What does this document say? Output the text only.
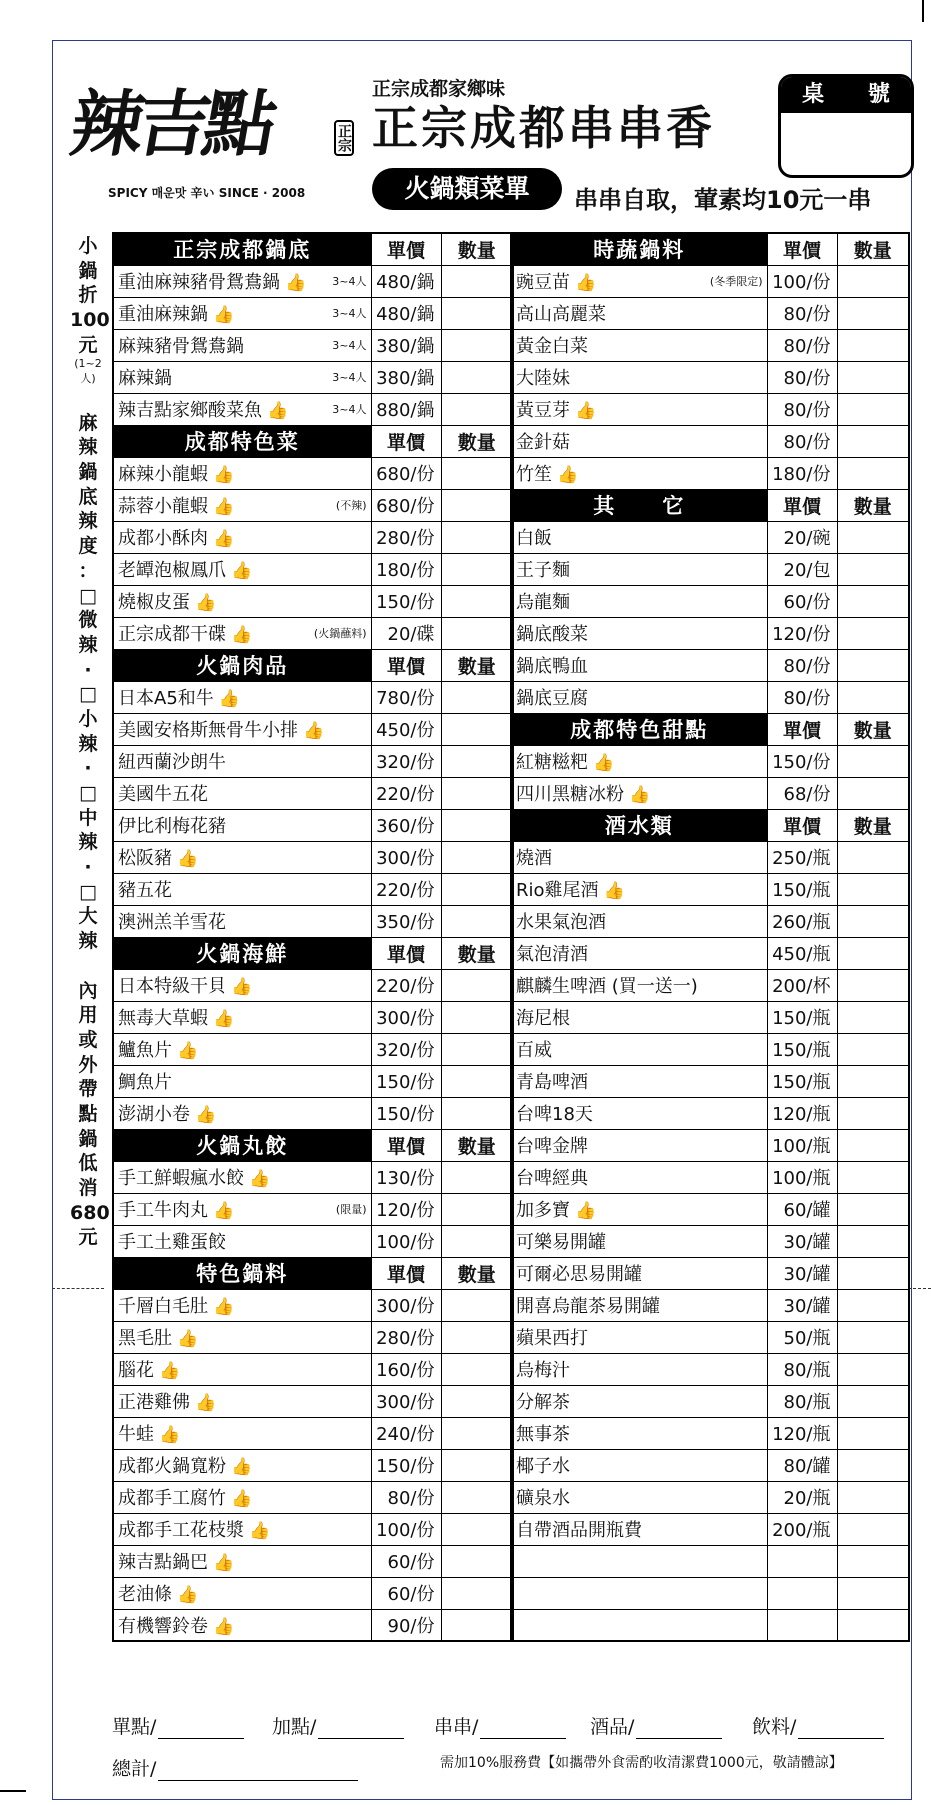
辣吉點	正宗
SPICY 매운맛 辛い SINCE · 2008
正宗成都家鄉味
正宗成都串串香
火鍋類菜單	串串自取，葷素均10元一串
桌 號
小
鍋
折
100
元
(1~2人)

麻
辣
鍋
底
辣
度
：
□
微
辣
·
□
小
辣
·
□
中
辣
·
□
大
辣

內
用
或
外
帶
點
鍋
低
消
680
元
正宗成都鍋底	單價	數量
重油麻辣豬骨鴛鴦鍋 👍 3~4人	480/鍋	
重油麻辣鍋 👍 3~4人	480/鍋	
麻辣豬骨鴛鴦鍋 3~4人	380/鍋	
麻辣鍋 3~4人	380/鍋	
辣吉點家鄉酸菜魚 👍 3~4人	880/鍋	
成都特色菜	單價	數量
麻辣小龍蝦 👍	680/份	
蒜蓉小龍蝦 👍 (不辣)	680/份	
成都小酥肉 👍	280/份	
老罈泡椒鳳爪 👍	180/份	
燒椒皮蛋 👍	150/份	
正宗成都干碟 👍 (火鍋蘸料)	20/碟	
火鍋肉品	單價	數量
日本A5和牛 👍	780/份	
美國安格斯無骨牛小排 👍	450/份	
紐西蘭沙朗牛	320/份	
美國牛五花	220/份	
伊比利梅花豬	360/份	
松阪豬 👍	300/份	
豬五花	220/份	
澳洲羔羊雪花	350/份	
火鍋海鮮	單價	數量
日本特級干貝 👍	220/份	
無毒大草蝦 👍	300/份	
鱸魚片 👍	320/份	
鯛魚片	150/份	
澎湖小卷 👍	150/份	
火鍋丸餃	單價	數量
手工鮮蝦瘋水餃 👍	130/份	
手工牛肉丸 👍 (限量)	120/份	
手工土雞蛋餃	100/份	
特色鍋料	單價	數量
千層白毛肚 👍	300/份	
黑毛肚 👍	280/份	
腦花 👍	160/份	
正港雞佛 👍	300/份	
牛蛙 👍	240/份	
成都火鍋寬粉 👍	150/份	
成都手工腐竹 👍	80/份	
成都手工花枝漿 👍	100/份	
辣吉點鍋巴 👍	60/份	
老油條 👍	60/份	
有機響鈴卷 👍	90/份	
時蔬鍋料	單價	數量
豌豆苗 👍 (冬季限定)	100/份	
高山高麗菜	80/份	
黃金白菜	80/份	
大陸妹	80/份	
黃豆芽 👍	80/份	
金針菇	80/份	
竹笙 👍	180/份	
其　　它	單價	數量
白飯	20/碗	
王子麵	20/包	
烏龍麵	60/份	
鍋底酸菜	120/份	
鍋底鴨血	80/份	
鍋底豆腐	80/份	
成都特色甜點	單價	數量
紅糖糍粑 👍	150/份	
四川黑糖冰粉 👍	68/份	
酒水類	單價	數量
燒酒	250/瓶	
Rio雞尾酒 👍	150/瓶	
水果氣泡酒	260/瓶	
氣泡清酒	450/瓶	
麒麟生啤酒 (買一送一)	200/杯	
海尼根	150/瓶	
百威	150/瓶	
青島啤酒	150/瓶	
台啤18天	120/瓶	
台啤金牌	100/瓶	
台啤經典	100/瓶	
加多寶 👍	60/罐	
可樂易開罐	30/罐	
可爾必思易開罐	30/罐	
開喜烏龍茶易開罐	30/罐	
蘋果西打	50/瓶	
烏梅汁	80/瓶	
分解茶	80/瓶	
無事茶	120/瓶	
椰子水	80/罐	
礦泉水	20/瓶	
自帶酒品開瓶費	200/瓶	

單點/	加點/	串串/	酒品/	飲料/
總計/	需加10%服務費【如攜帶外食需酌收清潔費1000元，敬請體諒】
